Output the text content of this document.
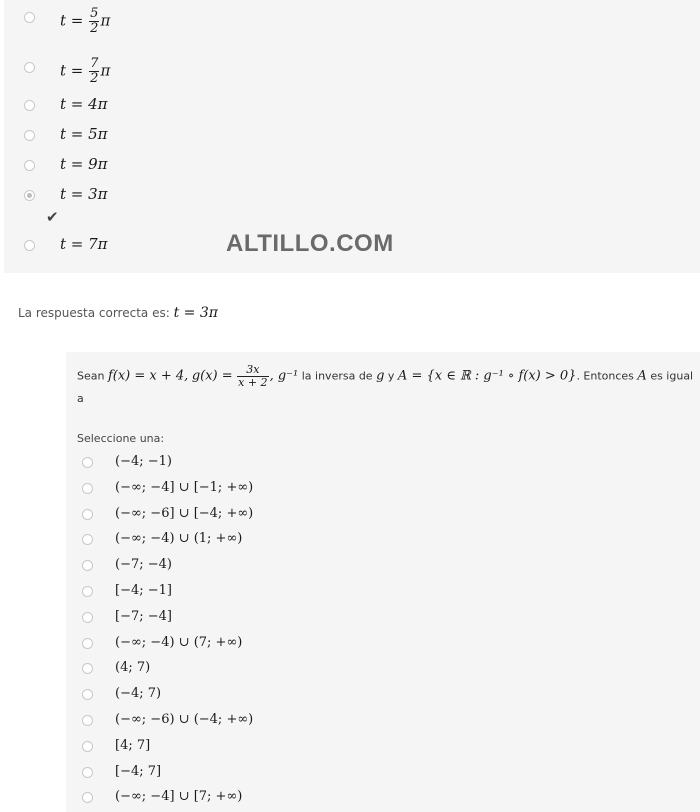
$t = \frac{5}{2}$ π
$t = \frac{7}{2}$ π
t = 4π
t = 5π
t = 9π
t = 3π
✔
t = 7π	ALTILLO.COM
La respuesta correcta es: t = 3π
Sean f(x) = x + 4, $g(x) = \frac{3x}{x + 2}$ , g⁻¹ la inversa de g y A = {x ∈ ℝ : g⁻¹ ∘ f(x) > 0}. Entonces A es igual a
Seleccione una:
(−4; −1)
(−∞; −4] ∪ [−1; +∞)
(−∞; −6] ∪ [−4; +∞)
(−∞; −4) ∪ (1; +∞)
(−7; −4)
[−4; −1]
[−7; −4]
(−∞; −4) ∪ (7; +∞)
(4; 7)
(−4; 7)
(−∞; −6) ∪ (−4; +∞)
[4; 7]
[−4; 7]
(−∞; −4] ∪ [7; +∞)
